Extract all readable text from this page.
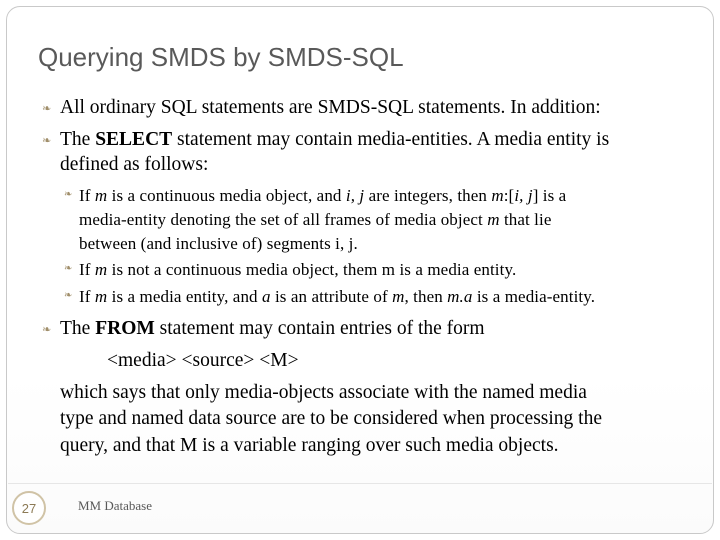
Querying SMDS by SMDS-SQL
❧ All ordinary SQL statements are SMDS-SQL statements. In addition:
❧ The SELECT statement may contain media-entities. A media entity is
defined as follows:
❧ If m is a continuous media object, and i, j are integers, then m:[i, j] is a
media-entity denoting the set of all frames of media object m that lie
between (and inclusive of) segments i, j.
❧ If m is not a continuous media object, them m is a media entity.
❧ If m is a media entity, and a is an attribute of m, then m.a is a media-entity.
❧ The FROM statement may contain entries of the form
<media> <source> <M>
which says that only media-objects associate with the named media
type and named data source are to be considered when processing the
query, and that M is a variable ranging over such media objects.
27	MM Database
